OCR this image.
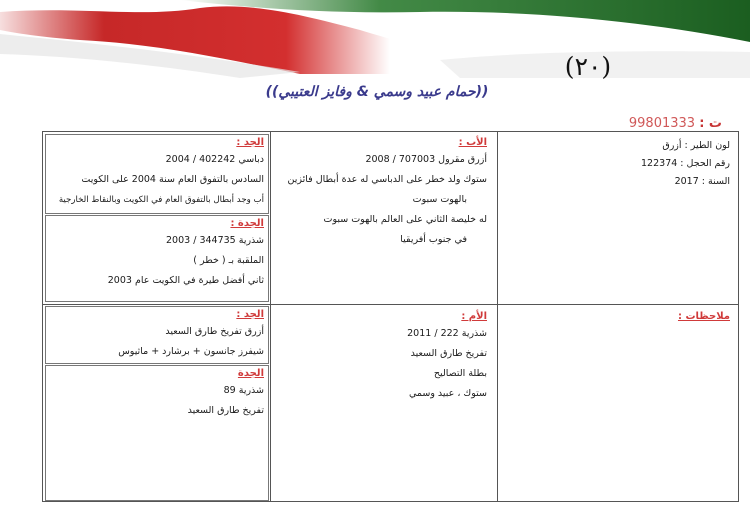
(٢٠)
((حمام عبيد وسمي & وفايز العتيبي))
ت : 99801333
لون الطير : أزرق
رقم الحجل : 122374
السنة : 2017
الأب :
أزرق مقرول 707003 / 2008
ستوك ولد خطر على الدباسي له عدة أبطال فائزين
بالهوت سبوت
له خليصة الثاني على العالم بالهوت سبوت
في جنوب أفريقيا
الجد :
دباسي 402242 / 2004
السادس بالتفوق العام سنة 2004 على الكويت
أب وجد أبطال بالتفوق العام في الكويت وبالنقاط الخارجية
الجدة :
شذرية 344735 / 2003
الملقبة بـ ( خطر )
ثاني أفضل طيرة في الكويت عام 2003
ملاحظات :
الأم :
شذرية 222 / 2011
تفريخ طارق السعيد
بطلة التصاليح
ستوك ، عبيد وسمي
الجد :
أزرق تفريخ طارق السعيد
شيفرز جانسون + برشارد + ماثيوس
الجدة
شذرية 89
تفريخ طارق السعيد
